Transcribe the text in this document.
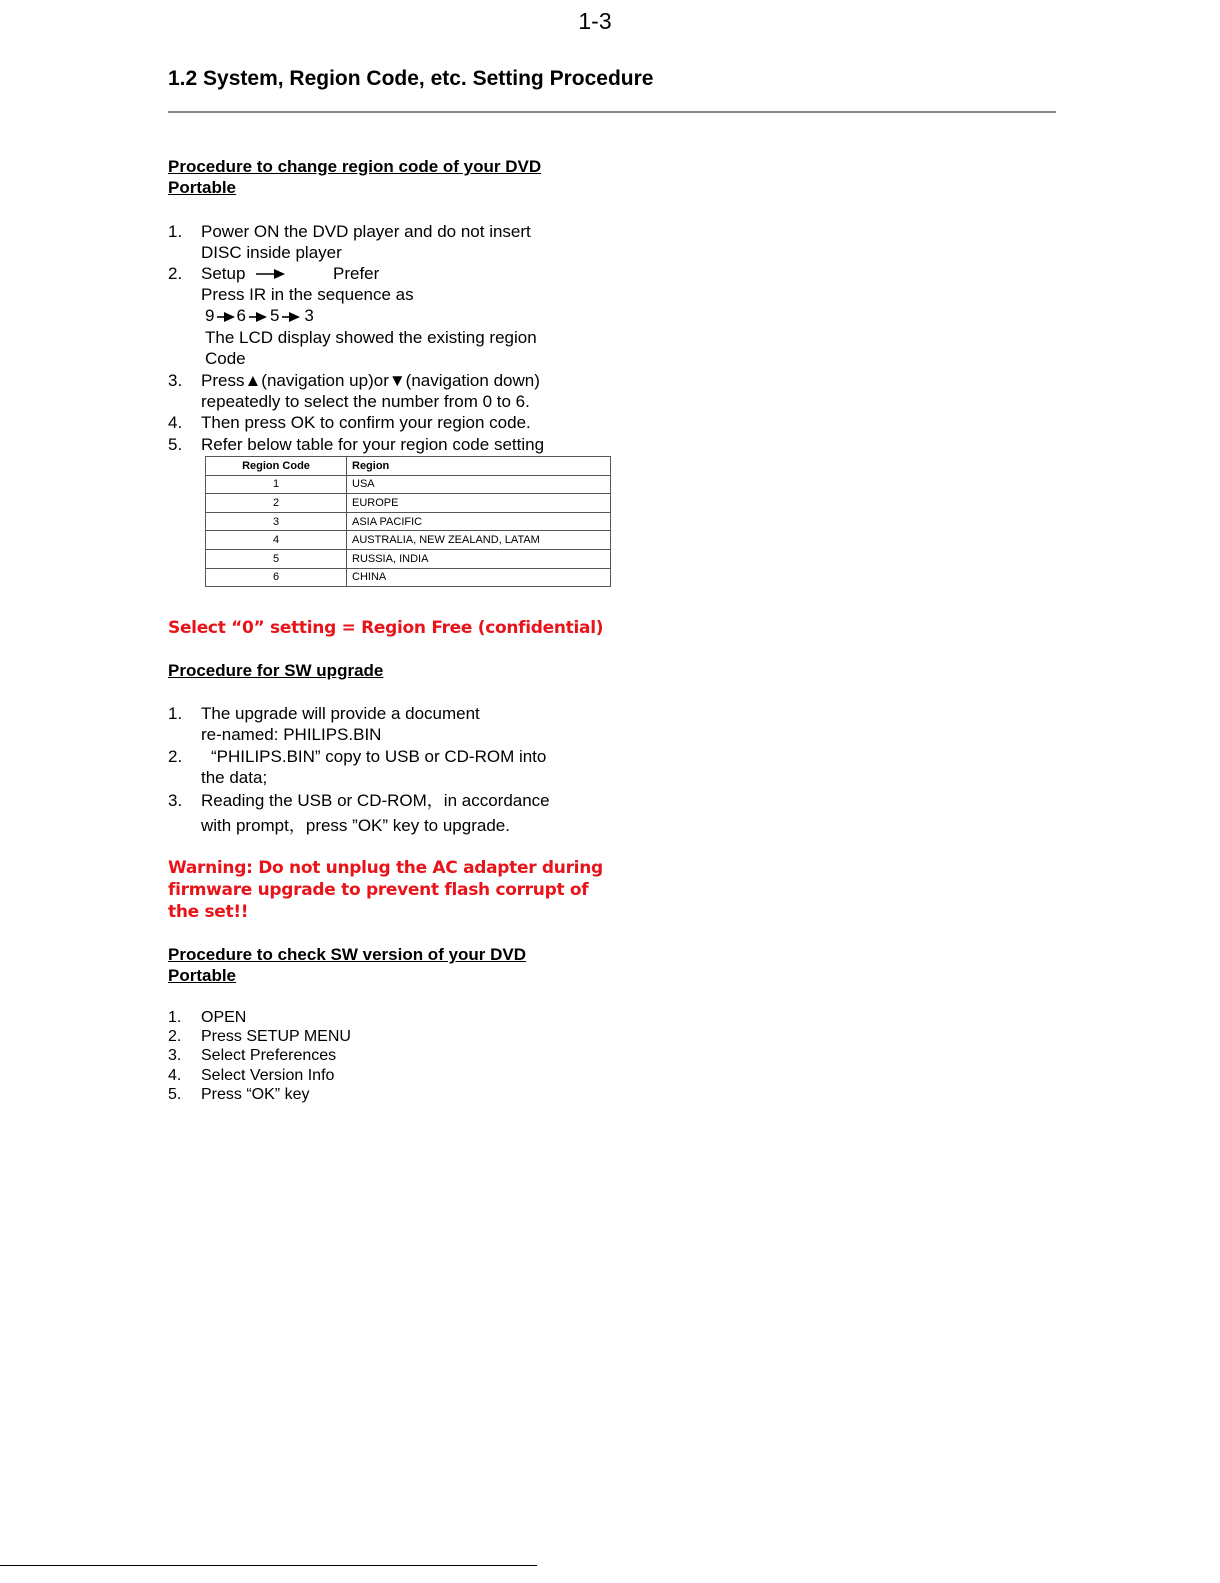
1-3
1.2 System, Region Code, etc. Setting Procedure
Procedure to change region code of your DVD
Portable
1. Power ON the DVD player and do not insert
DISC inside player
2. Setup	Prefer
Press IR in the sequence as
9 6 5 3
The LCD display showed the existing region
Code
3. Press▲(navigation up)or▼(navigation down)
repeatedly to select the number from 0 to 6.
4. Then press OK to confirm your region code.
5. Refer below table for your region code setting
Region Code	Region
1	USA
2	EUROPE
3	ASIA PACIFIC
4	AUSTRALIA, NEW ZEALAND, LATAM
5	RUSSIA, INDIA
6	CHINA
Select “0” setting = Region Free (confidential)
Procedure for SW upgrade
1. The upgrade will provide a document
re-named: PHILIPS.BIN
2. “PHILIPS.BIN” copy to USB or CD-ROM into
the data;
3. Reading the USB or CD-ROM，in accordance
with prompt，press ”OK” key to upgrade.
Warning: Do not unplug the AC adapter during
firmware upgrade to prevent flash corrupt of
the set!!
Procedure to check SW version of your DVD
Portable
1. OPEN
2. Press SETUP MENU
3. Select Preferences
4. Select Version Info
5. Press “OK” key
